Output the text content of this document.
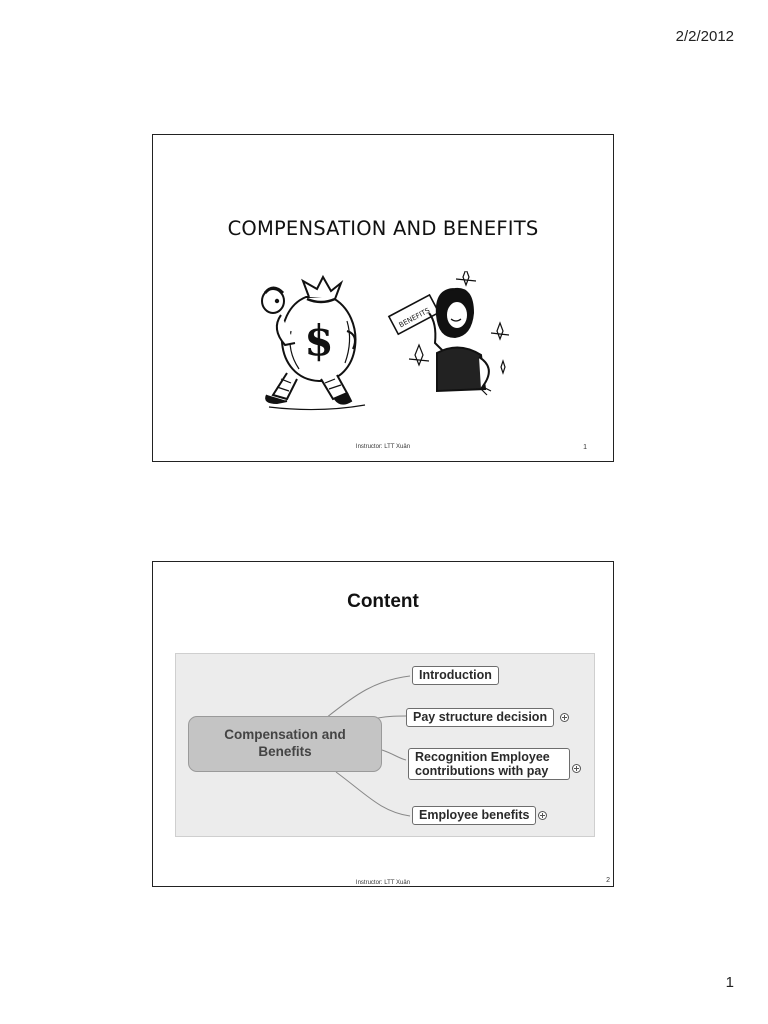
2/2/2012
COMPENSATION AND BENEFITS
$	BENEFITS
Instructor: LTT Xuân	1
Content
Compensation and Benefits
Introduction
Pay structure decision
Recognition Employee contributions with pay
Employee benefits
Instructor: LTT Xuân	2
1
